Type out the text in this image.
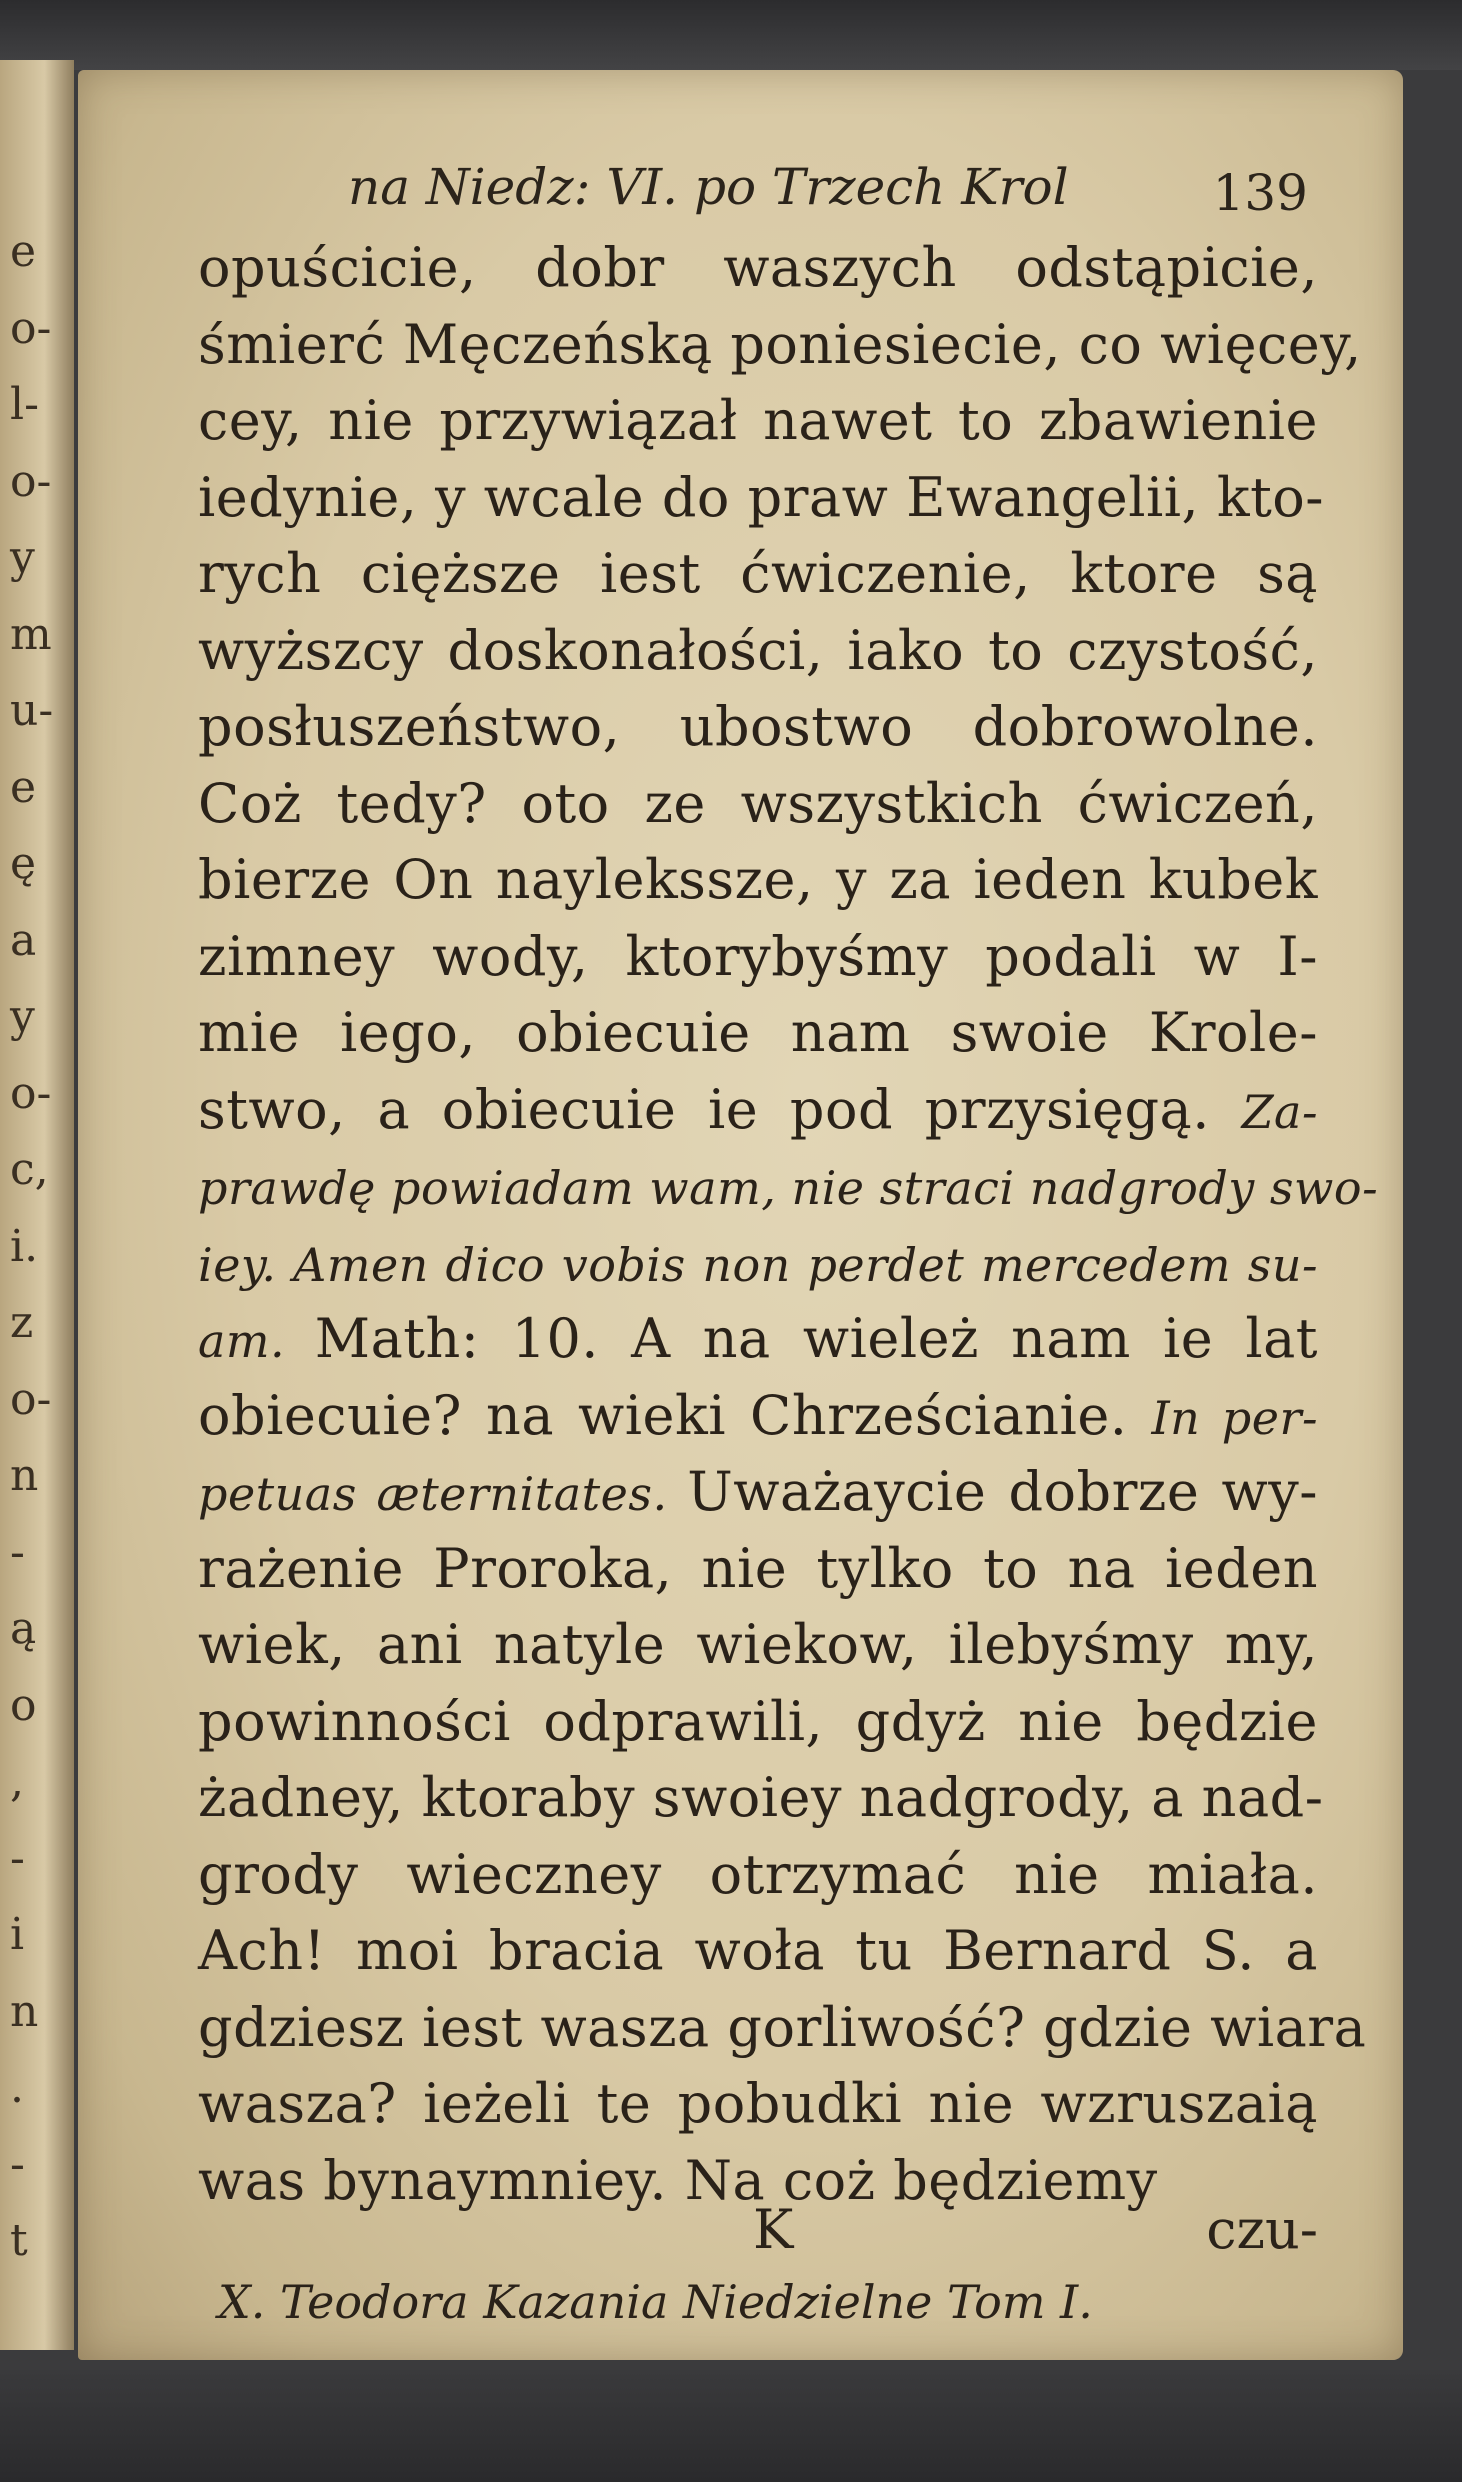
e
o-
l-
o-
y
m
u-
e
ę
a
y
o-
c,
i.
z
o-
n
-
ą
o
,
-
i
n
.
-
t
na Niedz: VI. po Trzech Krol	139
opuścicie, dobr waszych odstąpicie,
śmierć Męczeńską poniesiecie, co więcey,
cey, nie przywiązał nawet to zbawienie
iedynie, y wcale do praw Ewangelii, kto-
rych cięższe iest ćwiczenie, ktore są
wyższcy doskonałości, iako to czystość,
posłuszeństwo, ubostwo dobrowolne.
Coż tedy? oto ze wszystkich ćwiczeń,
bierze On naylekssze, y za ieden kubek
zimney wody, ktorybyśmy podali w I-
mie iego, obiecuie nam swoie Krole-
stwo, a obiecuie ie pod przysięgą. Za-
prawdę powiadam wam, nie straci nadgrody swo-
iey. Amen dico vobis non perdet mercedem su-
am. Math: 10. A na wieleż nam ie lat
obiecuie? na wieki Chrześcianie. In per-
petuas æternitates. Uważaycie dobrze wy-
rażenie Proroka, nie tylko to na ieden
wiek, ani natyle wiekow, ilebyśmy my,
powinności odprawili, gdyż nie będzie
żadney, ktoraby swoiey nadgrody, a nad-
grody wieczney otrzymać nie miała.
Ach! moi bracia woła tu Bernard S. a
gdziesz iest wasza gorliwość? gdzie wiara
wasza? ieżeli te pobudki nie wzruszaią
was bynaymniey. Na coż będziemy
K	czu-
X. Teodora Kazania Niedzielne Tom I.
